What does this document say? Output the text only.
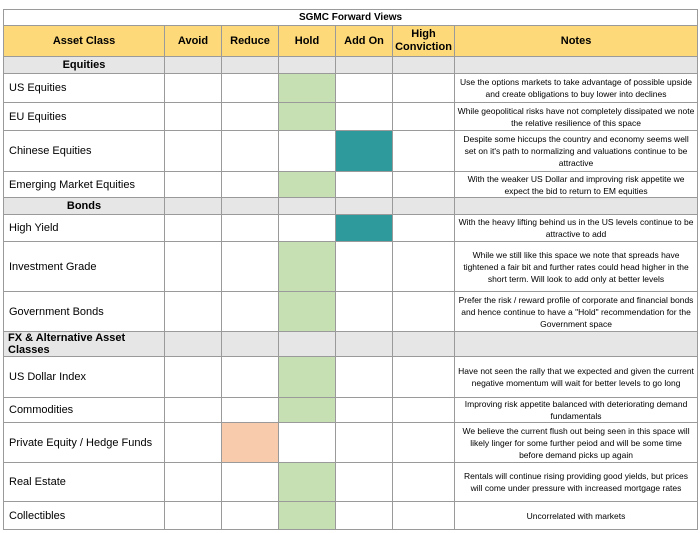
SGMC Forward Views						
Asset Class	Avoid	Reduce	Hold	Add On	High Conviction	Notes
Equities						
US Equities						Use the options markets to take advantage of possible upside and create obligations to buy lower into declines
EU Equities						While geopolitical risks have not completely dissipated we note the relative resilience of this space
Chinese Equities						Despite some hiccups the country and economy seems well set on it's path to normalizing and valuations continue to be attractive
Emerging Market Equities						With the weaker US Dollar and improving risk appetite we expect the bid to return to EM equities
Bonds						
High Yield						With the heavy lifting behind us in the US levels continue to be attractive to add
Investment Grade						While we still like this space we note that spreads have tightened a fair bit and further rates could head higher in the short term. Will look to add only at better levels
Government Bonds						Prefer the risk / reward profile of corporate and financial bonds and hence continue to have a "Hold" recommendation for the Government space
FX & Alternative Asset Classes						
US Dollar Index						Have not seen the rally that we expected and given the current negative momentum will wait for better levels to go long
Commodities						Improving risk appetite balanced with deteriorating demand fundamentals
Private Equity / Hedge Funds						We believe the current flush out being seen in this space will likely linger for some further peiod and will be some time before demand picks up again
Real Estate						Rentals will continue rising providing good yields, but prices will come under pressure with increased mortgage rates
Collectibles						Uncorrelated with markets
